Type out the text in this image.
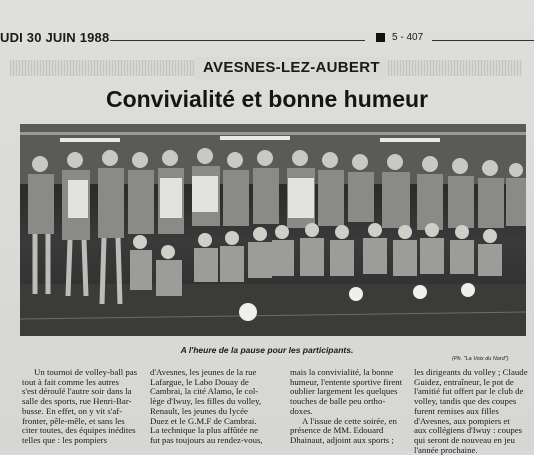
UDI 30 JUIN 1988	5 - 407
AVESNES-LEZ-AUBERT
Convivialité et bonne humeur
A l'heure de la pause pour les participants.
(Ph. "La Voix du Nord")

Un tournoi de volley-ball pas

tout à fait comme les autres

s'est déroulé l'autre soir dans la

salle des sports, rue Henri-Bar-

busse. En effet, on y vit s'af-

fronter, pêle-mêle, et sans les

citer toutes, des équipes inédites

telles que : les pompiers

d'Avesnes, les jeunes de la rue

Lafargue, le Labo Douay de

Cambrai, la cité Alamo, le col-

lège d'Iwuy, les filles du volley,

Renault, les jeunes du lycée

Duez et le G.M.F de Cambrai.

La technique la plus affûtée ne

fut pas toujours au rendez-vous,

mais la convivialité, la bonne

humeur, l'entente sportive firent

oublier largement les quelques

touches de balle peu ortho-

doxes.

A l'issue de cette soirée, en

présence de MM. Edouard

Dhainaut, adjoint aux sports ;

les dirigeants du volley ; Claude

Guidez, entraîneur, le pot de

l'amitié fut offert par le club de

volley, tandis que des coupes

furent remises aux filles

d'Avesnes, aux pompiers et

aux collégiens d'Iwuy : coupes

qui seront de nouveau en jeu

l'année prochaine.
